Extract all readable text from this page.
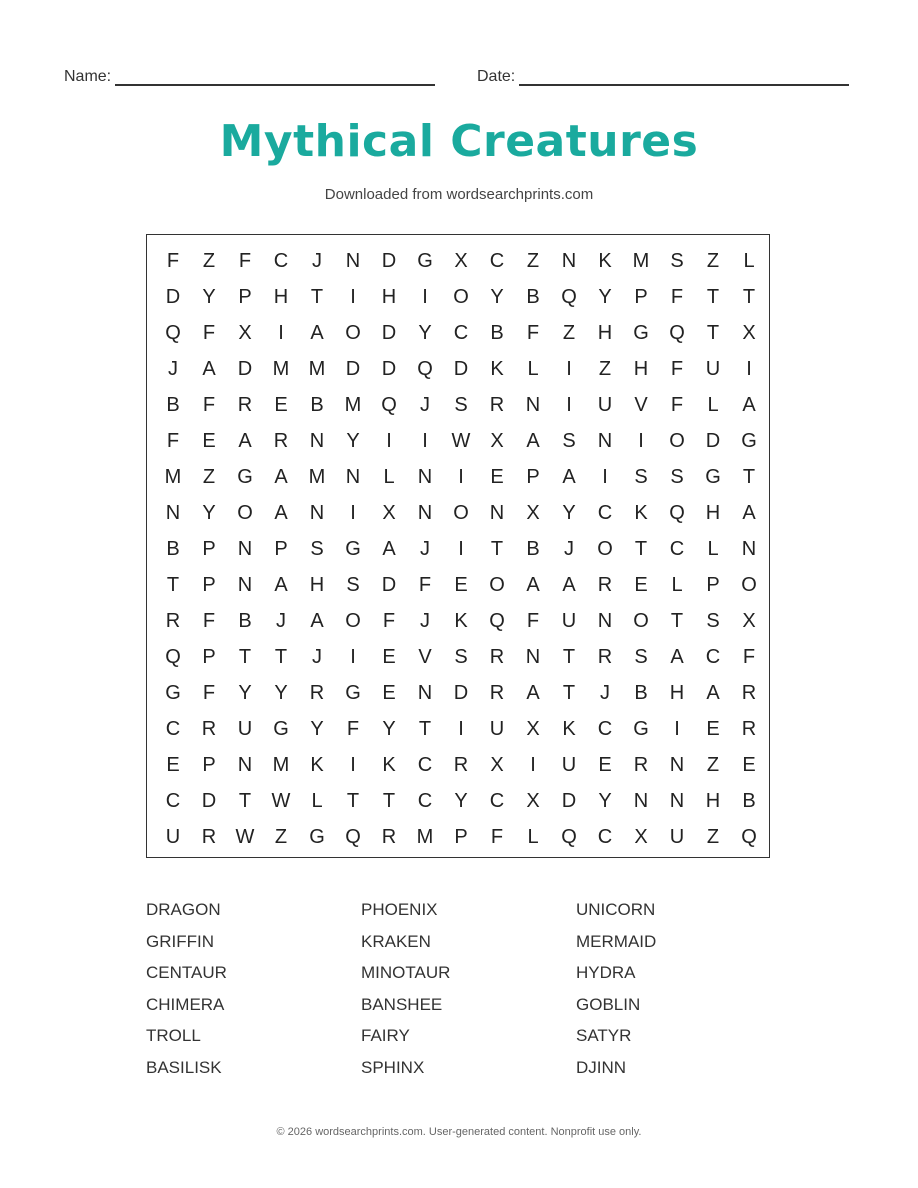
Name:	Date:
Mythical Creatures
Downloaded from wordsearchprints.com
F	Z	F	C	J	N	D	G	X	C	Z	N	K	M	S	Z	L
D	Y	P	H	T	I	H	I	O	Y	B	Q	Y	P	F	T	T
Q	F	X	I	A	O	D	Y	C	B	F	Z	H	G	Q	T	X
J	A	D	M	M	D	D	Q	D	K	L	I	Z	H	F	U	I
B	F	R	E	B	M	Q	J	S	R	N	I	U	V	F	L	A
F	E	A	R	N	Y	I	I	W	X	A	S	N	I	O	D	G
M	Z	G	A	M	N	L	N	I	E	P	A	I	S	S	G	T
N	Y	O	A	N	I	X	N	O	N	X	Y	C	K	Q	H	A
B	P	N	P	S	G	A	J	I	T	B	J	O	T	C	L	N
T	P	N	A	H	S	D	F	E	O	A	A	R	E	L	P	O
R	F	B	J	A	O	F	J	K	Q	F	U	N	O	T	S	X
Q	P	T	T	J	I	E	V	S	R	N	T	R	S	A	C	F
G	F	Y	Y	R	G	E	N	D	R	A	T	J	B	H	A	R
C	R	U	G	Y	F	Y	T	I	U	X	K	C	G	I	E	R
E	P	N	M	K	I	K	C	R	X	I	U	E	R	N	Z	E
C	D	T	W	L	T	T	C	Y	C	X	D	Y	N	N	H	B
U	R	W	Z	G	Q	R	M	P	F	L	Q	C	X	U	Z	Q
DRAGON	PHOENIX	UNICORN
GRIFFIN	KRAKEN	MERMAID
CENTAUR	MINOTAUR	HYDRA
CHIMERA	BANSHEE	GOBLIN
TROLL	FAIRY	SATYR
BASILISK	SPHINX	DJINN
© 2026 wordsearchprints.com. User-generated content. Nonprofit use only.
